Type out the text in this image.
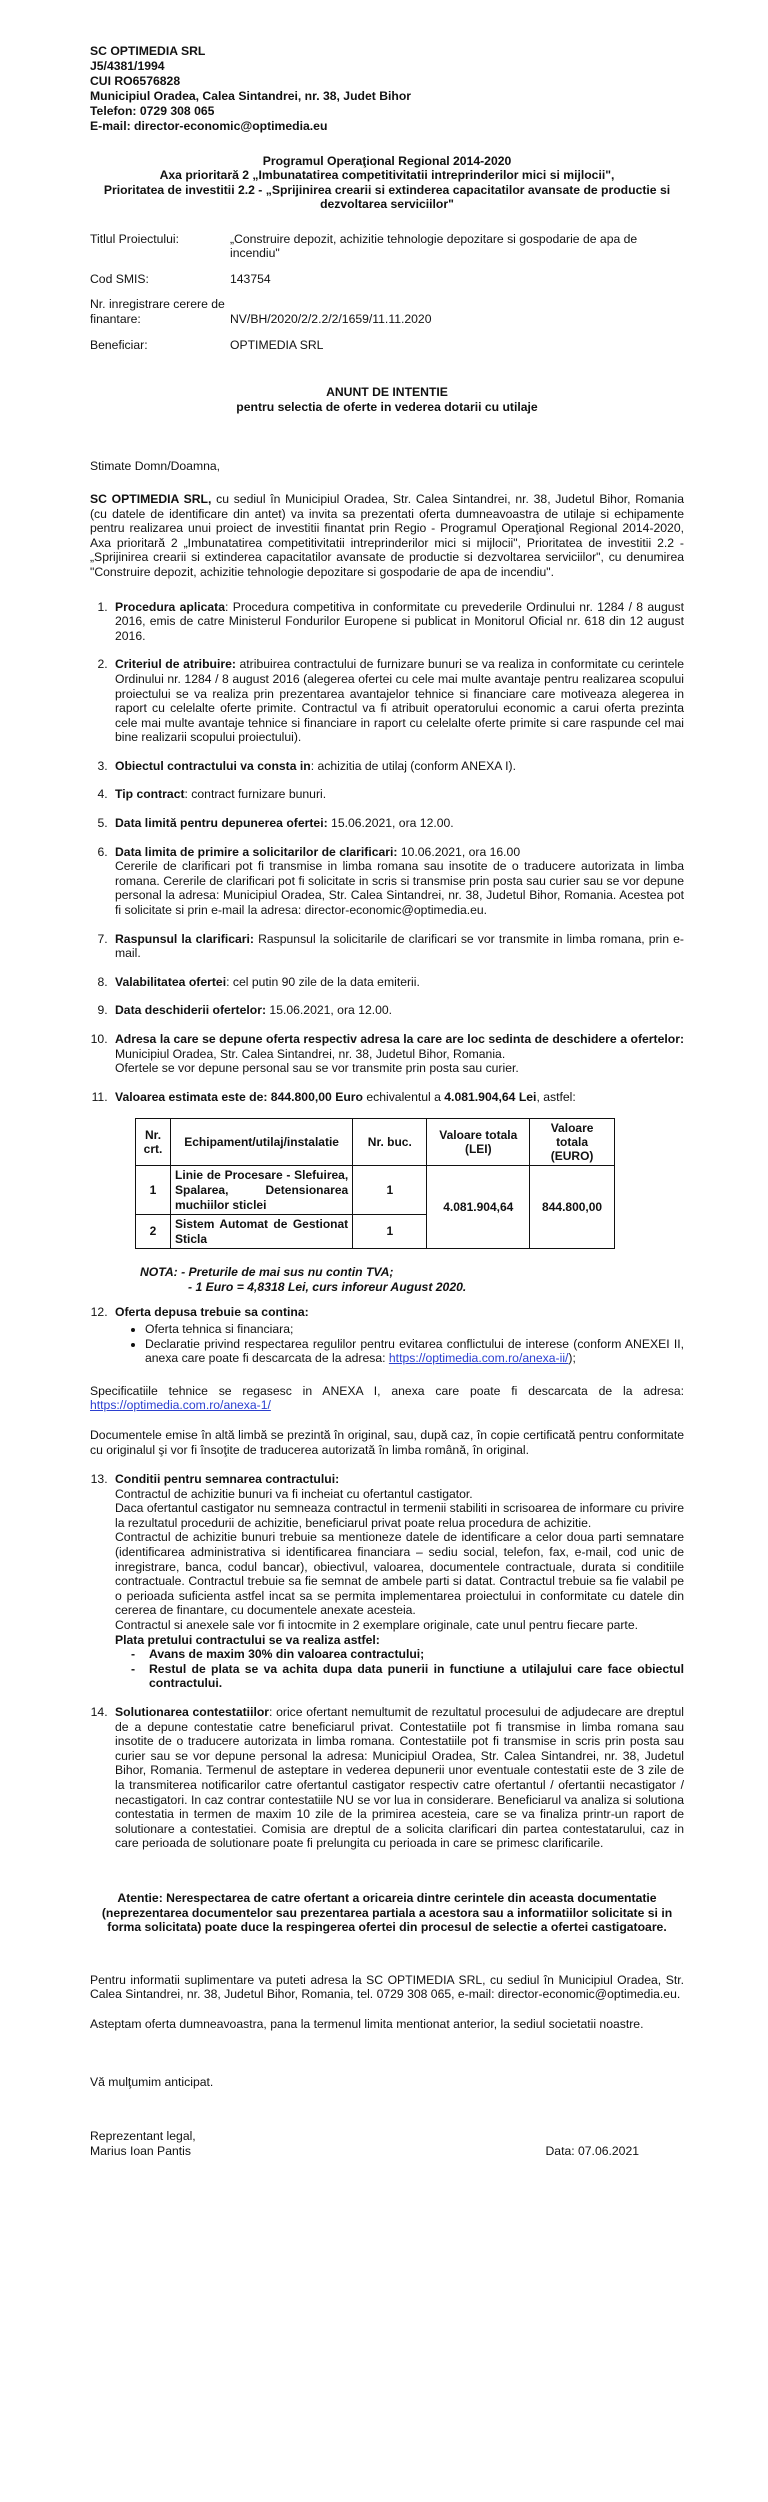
SC OPTIMEDIA SRL
J5/4381/1994
CUI RO6576828
Municipiul Oradea, Calea Sintandrei, nr. 38, Judet Bihor
Telefon: 0729 308 065
E-mail: director-economic@optimedia.eu
Programul Operaţional Regional 2014-2020
Axa prioritară 2 „Imbunatatirea competitivitatii intreprinderilor mici si mijlocii",
Prioritatea de investitii 2.2 - „Sprijinirea crearii si extinderea capacitatilor avansate de productie si dezvoltarea serviciilor"
Titlul Proiectului:	„Construire depozit, achizitie tehnologie depozitare si gospodarie de apa de incendiu"
Cod SMIS:	143754
Nr. inregistrare cerere de finantare:	NV/BH/2020/2/2.2/2/1659/11.11.2020
Beneficiar:	OPTIMEDIA SRL
ANUNT DE INTENTIE
pentru selectia de oferte in vederea dotarii cu utilaje
Stimate Domn/Doamna,
SC OPTIMEDIA SRL, cu sediul în Municipiul Oradea, Str. Calea Sintandrei, nr. 38, Judetul Bihor, Romania (cu datele de identificare din antet) va invita sa prezentati oferta dumneavoastra de utilaje si echipamente pentru realizarea unui proiect de investitii finantat prin Regio - Programul Operaţional Regional 2014-2020, Axa prioritară 2 „Imbunatatirea competitivitatii intreprinderilor mici si mijlocii", Prioritatea de investitii 2.2 - „Sprijinirea crearii si extinderea capacitatilor avansate de productie si dezvoltarea serviciilor", cu denumirea "Construire depozit, achizitie tehnologie depozitare si gospodarie de apa de incendiu".
1. Procedura aplicata: Procedura competitiva in conformitate cu prevederile Ordinului nr. 1284 / 8 august 2016, emis de catre Ministerul Fondurilor Europene si publicat in Monitorul Oficial nr. 618 din 12 august 2016.
2. Criteriul de atribuire: atribuirea contractului de furnizare bunuri se va realiza in conformitate cu cerintele Ordinului nr. 1284 / 8 august 2016 (alegerea ofertei cu cele mai multe avantaje pentru realizarea scopului proiectului se va realiza prin prezentarea avantajelor tehnice si financiare care motiveaza alegerea in raport cu celelalte oferte primite. Contractul va fi atribuit operatorului economic a carui oferta prezinta cele mai multe avantaje tehnice si financiare in raport cu celelalte oferte primite si care raspunde cel mai bine realizarii scopului proiectului).
3. Obiectul contractului va consta in: achizitia de utilaj (conform ANEXA I).
4. Tip contract: contract furnizare bunuri.
5. Data limită pentru depunerea ofertei: 15.06.2021, ora 12.00.
6. Data limita de primire a solicitarilor de clarificari: 10.06.2021, ora 16.00
Cererile de clarificari pot fi transmise in limba romana sau insotite de o traducere autorizata in limba romana. Cererile de clarificari pot fi solicitate in scris si transmise prin posta sau curier sau se vor depune personal la adresa: Municipiul Oradea, Str. Calea Sintandrei, nr. 38, Judetul Bihor, Romania. Acestea pot fi solicitate si prin e-mail la adresa: director-economic@optimedia.eu.
7. Raspunsul la clarificari: Raspunsul la solicitarile de clarificari se vor transmite in limba romana, prin e-mail.
8. Valabilitatea ofertei: cel putin 90 zile de la data emiterii.
9. Data deschiderii ofertelor: 15.06.2021, ora 12.00.
10. Adresa la care se depune oferta respectiv adresa la care are loc sedinta de deschidere a ofertelor: Municipiul Oradea, Str. Calea Sintandrei, nr. 38, Judetul Bihor, Romania.
Ofertele se vor depune personal sau se vor transmite prin posta sau curier.
11. Valoarea estimata este de: 844.800,00 Euro echivalentul a 4.081.904,64 Lei, astfel:
Nr. crt.	Echipament/utilaj/instalatie	Nr. buc.	Valoare totala (LEI)	Valoare totala (EURO)
1	Linie de Procesare - Slefuirea, Spalarea, Detensionarea muchiilor sticlei	1	4.081.904,64	844.800,00
2	Sistem Automat de Gestionat Sticla	1		
NOTA: - Preturile de mai sus nu contin TVA;
- 1 Euro = 4,8318 Lei, curs inforeur August 2020.
12. Oferta depusa trebuie sa contina:
• Oferta tehnica si financiara;
• Declaratie privind respectarea regulilor pentru evitarea conflictului de interese (conform ANEXEI II, anexa care poate fi descarcata de la adresa: https://optimedia.com.ro/anexa-ii/);
Specificatiile tehnice se regasesc in ANEXA I, anexa care poate fi descarcata de la adresa: https://optimedia.com.ro/anexa-1/
Documentele emise în altă limbă se prezintă în original, sau, după caz, în copie certificată pentru conformitate cu originalul şi vor fi însoţite de traducerea autorizată în limba română, în original.
13. Conditii pentru semnarea contractului:
Contractul de achizitie bunuri va fi incheiat cu ofertantul castigator.
Daca ofertantul castigator nu semneaza contractul in termenii stabiliti in scrisoarea de informare cu privire la rezultatul procedurii de achizitie, beneficiarul privat poate relua procedura de achizitie.
Contractul de achizitie bunuri trebuie sa mentioneze datele de identificare a celor doua parti semnatare (identificarea administrativa si identificarea financiara – sediu social, telefon, fax, e-mail, cod unic de inregistrare, banca, codul bancar), obiectivul, valoarea, documentele contractuale, durata si conditiile contractuale. Contractul trebuie sa fie semnat de ambele parti si datat. Contractul trebuie sa fie valabil pe o perioada suficienta astfel incat sa se permita implementarea proiectului in conformitate cu datele din cererea de finantare, cu documentele anexate acesteia.
Contractul si anexele sale vor fi intocmite in 2 exemplare originale, cate unul pentru fiecare parte.
Plata pretului contractului se va realiza astfel:
- Avans de maxim 30% din valoarea contractului;
- Restul de plata se va achita dupa data punerii in functiune a utilajului care face obiectul contractului.
14. Solutionarea contestatiilor: orice ofertant nemultumit de rezultatul procesului de adjudecare are dreptul de a depune contestatie catre beneficiarul privat. Contestatiile pot fi transmise in limba romana sau insotite de o traducere autorizata in limba romana. Contestatiile pot fi transmise in scris prin posta sau curier sau se vor depune personal la adresa: Municipiul Oradea, Str. Calea Sintandrei, nr. 38, Judetul Bihor, Romania. Termenul de asteptare in vederea depunerii unor eventuale contestatii este de 3 zile de la transmiterea notificarilor catre ofertantul castigator respectiv catre ofertantul / ofertantii necastigator / necastigatori. In caz contrar contestatiile NU se vor lua in considerare. Beneficiarul va analiza si solutiona contestatia in termen de maxim 10 zile de la primirea acesteia, care se va finaliza printr-un raport de solutionare a contestatiei. Comisia are dreptul de a solicita clarificari din partea contestatarului, caz in care perioada de solutionare poate fi prelungita cu perioada in care se primesc clarificarile.
Atentie: Nerespectarea de catre ofertant a oricareia dintre cerintele din aceasta documentatie (neprezentarea documentelor sau prezentarea partiala a acestora sau a informatiilor solicitate si in forma solicitata) poate duce la respingerea ofertei din procesul de selectie a ofertei castigatoare.
Pentru informatii suplimentare va puteti adresa la SC OPTIMEDIA SRL, cu sediul în Municipiul Oradea, Str. Calea Sintandrei, nr. 38, Judetul Bihor, Romania, tel. 0729 308 065, e-mail: director-economic@optimedia.eu.
Asteptam oferta dumneavoastra, pana la termenul limita mentionat anterior, la sediul societatii noastre.
Vă mulţumim anticipat.
Reprezentant legal,
Marius Ioan Pantis	Data: 07.06.2021
